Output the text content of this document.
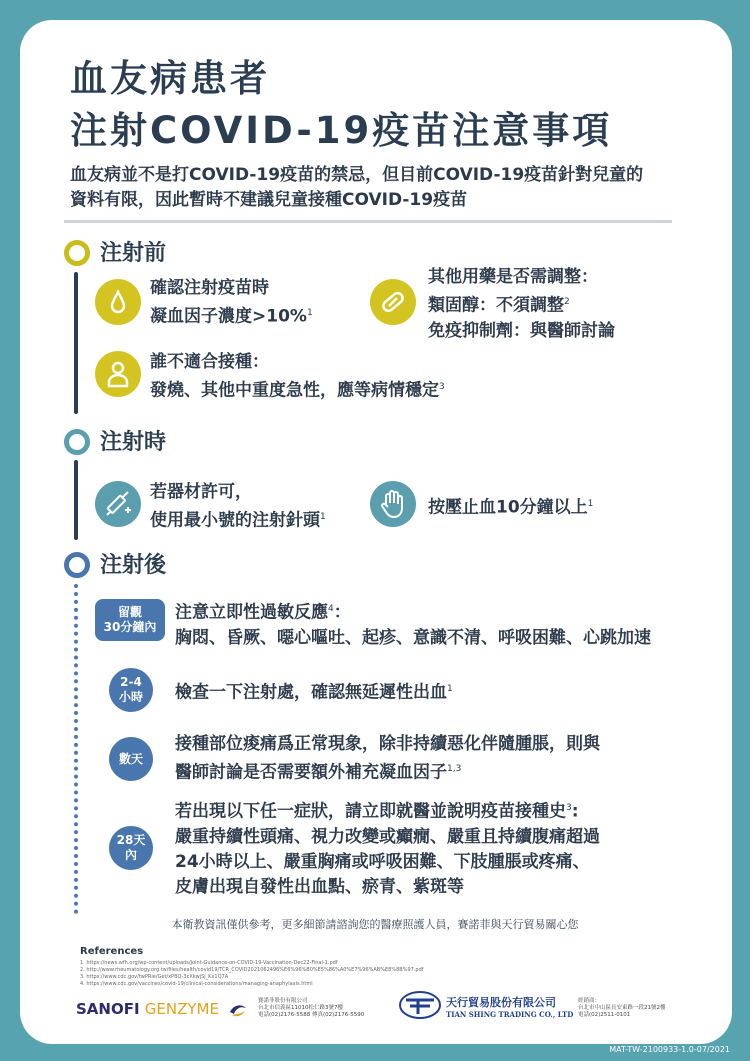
血友病患者
注射COVID-19疫苗注意事項
血友病並不是打COVID-19疫苗的禁忌，但目前COVID-19疫苗針對兒童的
資料有限，因此暫時不建議兒童接種COVID-19疫苗
注射前
確認注射疫苗時
凝血因子濃度>10%$^1$
其他用藥是否需調整：
類固醇：不須調整$^2$
免疫抑制劑：與醫師討論
誰不適合接種：
發燒、其他中重度急性，應等病情穩定$^3$
注射時
若器材許可，
使用最小號的注射針頭$^1$	按壓止血10分鐘以上$^1$
注射後
留觀
30分鐘內
注意立即性過敏反應$^4$：
胸悶、昏厥、噁心嘔吐、起疹、意識不清、呼吸困難、心跳加速
2-4
小時 檢查一下注射處，確認無延遲性出血$^1$
數天
接種部位痠痛爲正常現象，除非持續惡化伴隨腫脹，則與
醫師討論是否需要額外補充凝血因子$^{1,3}$
28天
內
若出現以下任一症狀，請立即就醫並說明疫苗接種史$^3$:
嚴重持續性頭痛、視力改變或癲癇、嚴重且持續腹痛超過
24小時以上、嚴重胸痛或呼吸困難、下肢腫脹或疼痛、
皮膚出現自發性出血點、瘀青、紫斑等
本衛教資訊僅供參考，更多細節請諮詢您的醫療照護人員，賽諾菲與天行貿易關心您
References
1. https://news.wfh.org/wp-content/uploads/Joint-Guidance-on-COVID-19-Vaccination-Dec22-Final-1.pdf
2. http://www.rheumatology.org.tw/files/health/covid19/TCR_COVID2021062496%E6%96%B0%E5%86%A0%E7%96%AB%E8%8B%97.pdf
3. https://www.cdc.gov/twPRie/Get/xPBQ-3cXkwjSj_Kx1Q7A
4. https://www.cdc.gov/vaccines/covid-19/clinical-considerations/managing-anaphylaxis.html
SANOFI GENZYME	賽諾菲股份有限公司
台北市信義區11010松仁路3號7樓
電話(02)2176-5588 傳真(02)2176-5590
天行貿易股份有限公司
TIAN SHING TRADING CO., LTD
經銷商：
台北市中山區長安東路一段21號2樓
電話(02)2511-0101
MAT-TW-2100933-1.0-07/2021
